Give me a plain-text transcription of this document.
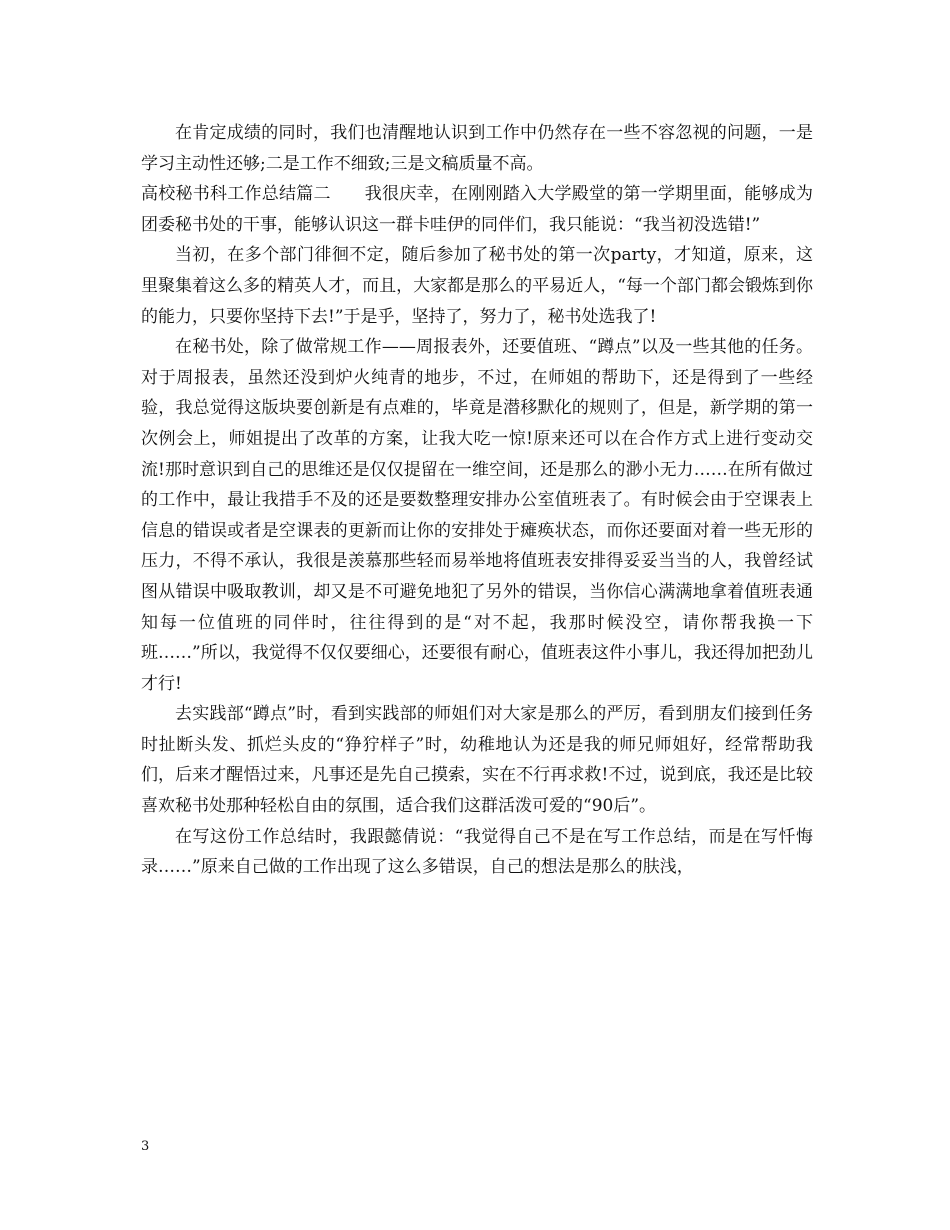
在肯定成绩的同时，我们也清醒地认识到工作中仍然存在一些不容忽视的问题，一是学习主动性还够;二是工作不细致;三是文稿质量不高。

高校秘书科工作总结篇二 我很庆幸，在刚刚踏入大学殿堂的第一学期里面，能够成为团委秘书处的干事，能够认识这一群卡哇伊的同伴们，我只能说：“我当初没选错!”

当初，在多个部门徘徊不定，随后参加了秘书处的第一次party，才知道，原来，这里聚集着这么多的精英人才，而且，大家都是那么的平易近人，“每一个部门都会锻炼到你的能力，只要你坚持下去!”于是乎，坚持了，努力了，秘书处选我了!

在秘书处，除了做常规工作——周报表外，还要值班、“蹲点”以及一些其他的任务。对于周报表，虽然还没到炉火纯青的地步，不过，在师姐的帮助下，还是得到了一些经验，我总觉得这版块要创新是有点难的，毕竟是潜移默化的规则了，但是，新学期的第一次例会上，师姐提出了改革的方案，让我大吃一惊!原来还可以在合作方式上进行变动交流!那时意识到自己的思维还是仅仅提留在一维空间，还是那么的渺小无力……在所有做过的工作中，最让我措手不及的还是要数整理安排办公室值班表了。有时候会由于空课表上信息的错误或者是空课表的更新而让你的安排处于瘫痪状态，而你还要面对着一些无形的压力，不得不承认，我很是羡慕那些轻而易举地将值班表安排得妥妥当当的人，我曾经试图从错误中吸取教训，却又是不可避免地犯了另外的错误，当你信心满满地拿着值班表通知每一位值班的同伴时，往往得到的是“对不起，我那时候没空，请你帮我换一下班……”所以，我觉得不仅仅要细心，还要很有耐心，值班表这件小事儿，我还得加把劲儿才行!

去实践部“蹲点”时，看到实践部的师姐们对大家是那么的严厉，看到朋友们接到任务时扯断头发、抓烂头皮的“狰狞样子”时，幼稚地认为还是我的师兄师姐好，经常帮助我们，后来才醒悟过来，凡事还是先自己摸索，实在不行再求救!不过，说到底，我还是比较喜欢秘书处那种轻松自由的氛围，适合我们这群活泼可爱的“90后”。

在写这份工作总结时，我跟懿倩说：“我觉得自己不是在写工作总结，而是在写忏悔录……”原来自己做的工作出现了这么多错误，自己的想法是那么的肤浅，

3
